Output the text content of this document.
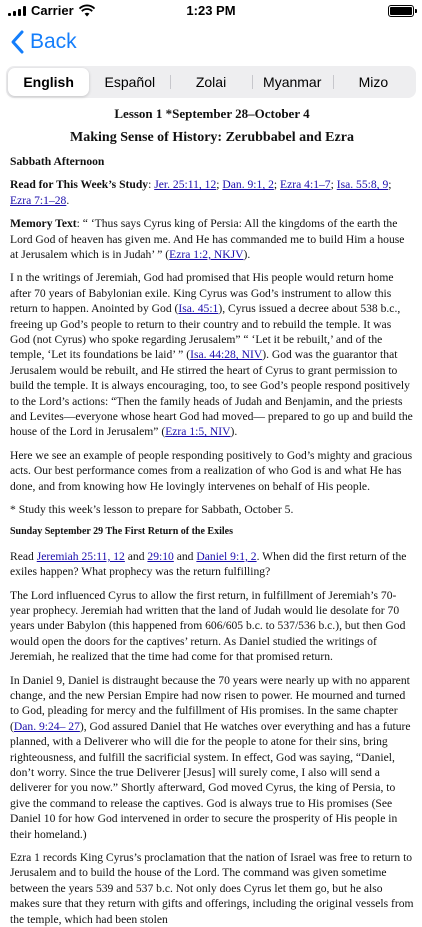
Carrier	1:23 PM
Back
English	Español	Zolai	Myanmar	Mizo
Lesson 1 *September 28–October 4
Making Sense of History: Zerubbabel and Ezra

Sabbath Afternoon

Read for This Week’s Study: Jer. 25:11, 12; Dan. 9:1, 2; Ezra 4:1–7; Isa. 55:8, 9; Ezra 7:1–28.

Memory Text: “ ‘Thus says Cyrus king of Persia: All the kingdoms of the earth the Lord God of heaven has given me. And He has commanded me to build Him a house at Jerusalem which is in Judah’ ” (Ezra 1:2, NKJV).

I n the writings of Jeremiah, God had promised that His people would return home after 70 years of Babylonian exile. King Cyrus was God’s instrument to allow this return to happen. Anointed by God (Isa. 45:1), Cyrus issued a decree about 538 b.c., freeing up God’s people to return to their country and to rebuild the temple. It was God (not Cyrus) who spoke regarding Jerusalem” “ ‘Let it be rebuilt,’ and of the temple, ‘Let its foundations be laid’ ” (Isa. 44:28, NIV). God was the guarantor that Jerusalem would be rebuilt, and He stirred the heart of Cyrus to grant permission to build the temple. It is always encouraging, too, to see God’s people respond positively to the Lord’s actions: “Then the family heads of Judah and Benjamin, and the priests and Levites—everyone whose heart God had moved— prepared to go up and build the house of the Lord in Jerusalem” (Ezra 1:5, NIV).

Here we see an example of people responding positively to God’s mighty and gracious acts. Our best performance comes from a realization of who God is and what He has done, and from knowing how He lovingly intervenes on behalf of His people.

* Study this week’s lesson to prepare for Sabbath, October 5.

Sunday September 29 The First Return of the Exiles

Read Jeremiah 25:11, 12 and 29:10 and Daniel 9:1, 2. When did the first return of the exiles happen? What prophecy was the return fulfilling?

The Lord influenced Cyrus to allow the first return, in fulfillment of Jeremiah’s 70-year prophecy. Jeremiah had written that the land of Judah would lie desolate for 70 years under Babylon (this happened from 606/605 b.c. to 537/536 b.c.), but then God would open the doors for the captives’ return. As Daniel studied the writings of Jeremiah, he realized that the time had come for that promised return.

In Daniel 9, Daniel is distraught because the 70 years were nearly up with no apparent change, and the new Persian Empire had now risen to power. He mourned and turned to God, pleading for mercy and the fulfillment of His promises. In the same chapter (Dan. 9:24– 27), God assured Daniel that He watches over everything and has a future planned, with a Deliverer who will die for the people to atone for their sins, bring righteousness, and fulfill the sacrificial system. In effect, God was saying, “Daniel, don’t worry. Since the true Deliverer [Jesus] will surely come, I also will send a deliverer for you now.” Shortly afterward, God moved Cyrus, the king of Persia, to give the command to release the captives. God is always true to His promises (See Daniel 10 for how God intervened in order to secure the prosperity of His people in their homeland.)

Ezra 1 records King Cyrus’s proclamation that the nation of Israel was free to return to Jerusalem and to build the house of the Lord. The command was given sometime between the years 539 and 537 b.c. Not only does Cyrus let them go, but he also makes sure that they return with gifts and offerings, including the original vessels from the temple, which had been stolen
